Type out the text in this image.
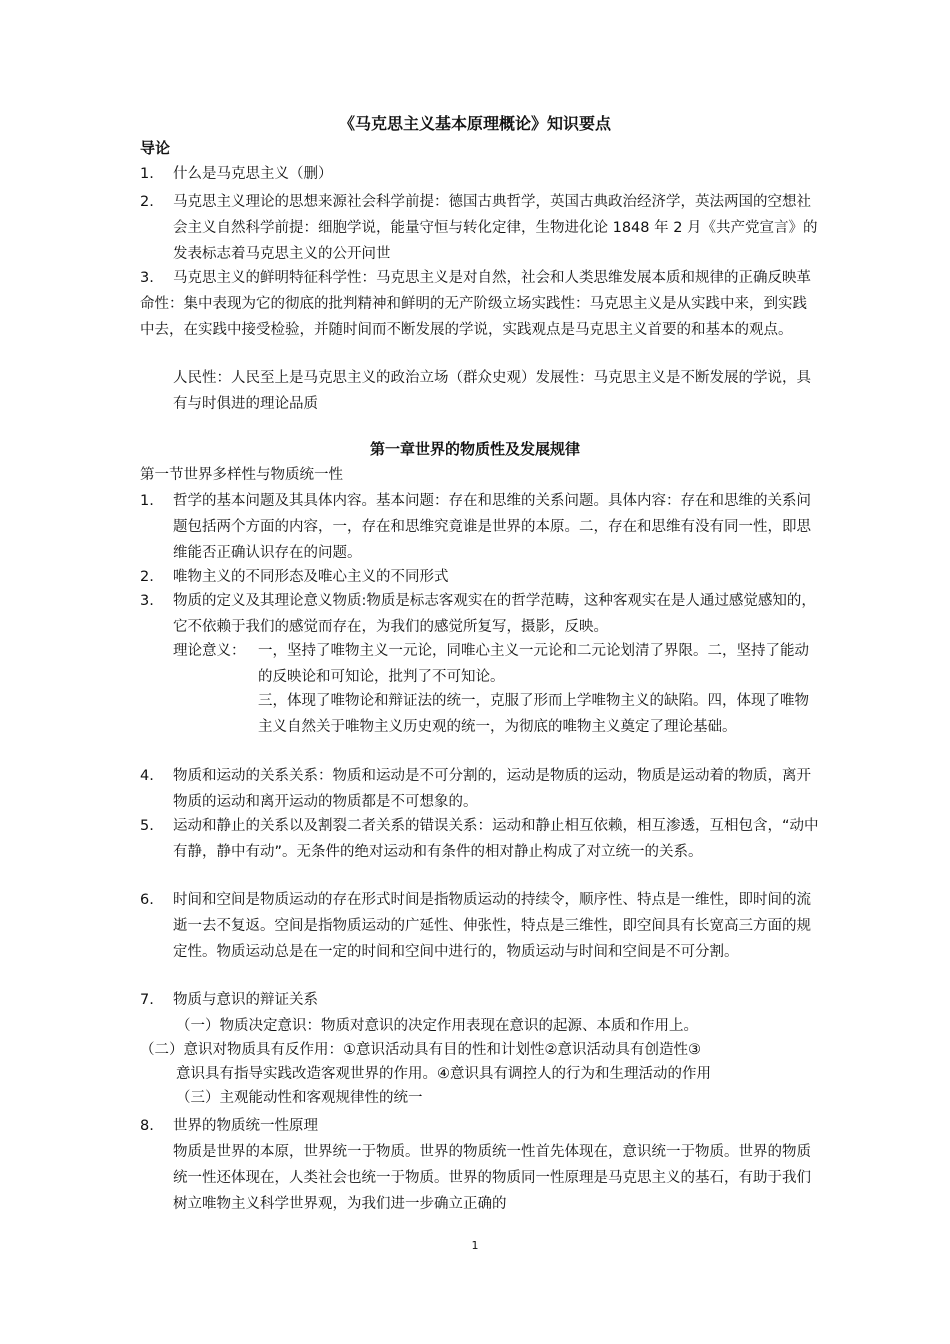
《马克思主义基本原理概论》知识要点
导论
1.	什么是马克思主义（删）
2.	马克思主义理论的思想来源社会科学前提：德国古典哲学，英国古典政治经济学，英法两国的空想社会主义自然科学前提：细胞学说，能量守恒与转化定律，生物进化论 1848 年 2 月《共产党宣言》的发表标志着马克思主义的公开问世
3.	马克思主义的鲜明特征科学性：马克思主义是对自然，社会和人类思维发展本质和规律的正确反映革命性：集中表现为它的彻底的批判精神和鲜明的无产阶级立场实践性：马克思主义是从实践中来，到实践中去，在实践中接受检验，并随时间而不断发展的学说，实践观点是马克思主义首要的和基本的观点。
人民性：人民至上是马克思主义的政治立场（群众史观）发展性：马克思主义是不断发展的学说，具有与时俱进的理论品质
第一章世界的物质性及发展规律
第一节世界多样性与物质统一性
1.	哲学的基本问题及其具体内容。基本问题：存在和思维的关系问题。具体内容：存在和思维的关系问题包括两个方面的内容，一，存在和思维究竟谁是世界的本原。二，存在和思维有没有同一性，即思维能否正确认识存在的问题。
2.	唯物主义的不同形态及唯心主义的不同形式
3.	物质的定义及其理论意义物质:物质是标志客观实在的哲学范畴，这种客观实在是人通过感觉感知的，它不依赖于我们的感觉而存在，为我们的感觉所复写，摄影，反映。
理论意义： 一，坚持了唯物主义一元论，同唯心主义一元论和二元论划清了界限。二，坚持了能动的反映论和可知论，批判了不可知论。
三，体现了唯物论和辩证法的统一，克服了形而上学唯物主义的缺陷。四，体现了唯物主义自然关于唯物主义历史观的统一，为彻底的唯物主义奠定了理论基础。
4.	物质和运动的关系关系：物质和运动是不可分割的，运动是物质的运动，物质是运动着的物质，离开物质的运动和离开运动的物质都是不可想象的。
5.	运动和静止的关系以及割裂二者关系的错误关系：运动和静止相互依赖，相互渗透，互相包含，“动中有静，静中有动”。无条件的绝对运动和有条件的相对静止构成了对立统一的关系。
6.	时间和空间是物质运动的存在形式时间是指物质运动的持续令，顺序性、特点是一维性，即时间的流逝一去不复返。空间是指物质运动的广延性、伸张性，特点是三维性，即空间具有长宽高三方面的规定性。物质运动总是在一定的时间和空间中进行的，物质运动与时间和空间是不可分割。
7.	物质与意识的辩证关系
（一）物质决定意识：物质对意识的决定作用表现在意识的起源、本质和作用上。
（二）意识对物质具有反作用：①意识活动具有目的性和计划性②意识活动具有创造性③
意识具有指导实践改造客观世界的作用。④意识具有调控人的行为和生理活动的作用
（三）主观能动性和客观规律性的统一
8.	世界的物质统一性原理
物质是世界的本原，世界统一于物质。世界的物质统一性首先体现在，意识统一于物质。世界的物质统一性还体现在，人类社会也统一于物质。世界的物质同一性原理是马克思主义的基石，有助于我们树立唯物主义科学世界观，为我们进一步确立正确的
1
